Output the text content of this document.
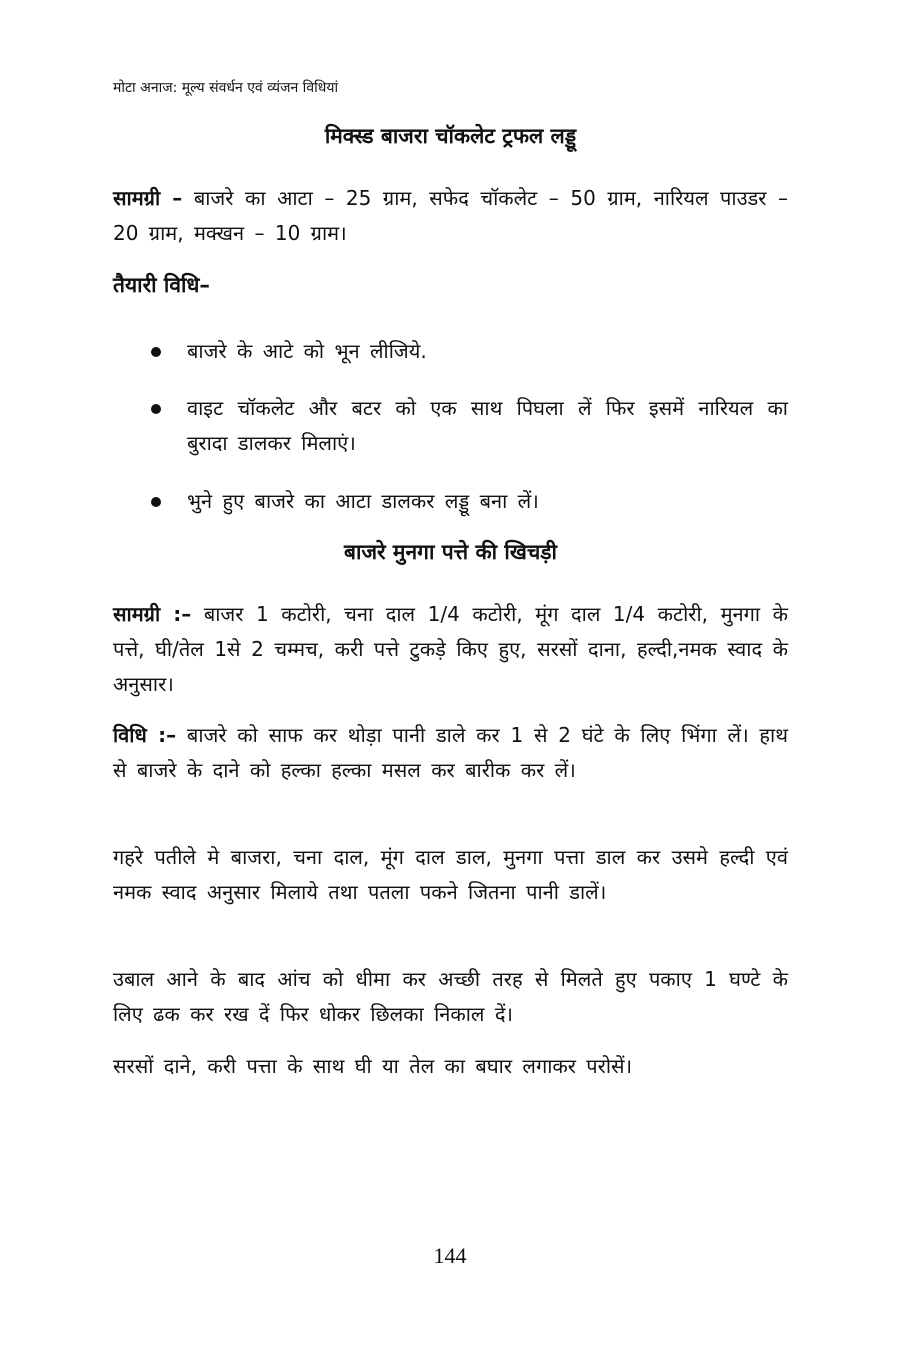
मोटा अनाज: मूल्य संवर्धन एवं व्यंजन विधियां
मिक्स्ड बाजरा चॉकलेट ट्रफल लड्डू
सामग्री – बाजरे का आटा – 25 ग्राम, सफेद चॉकलेट – 50 ग्राम, नारियल पाउडर – 20 ग्राम, मक्खन – 10 ग्राम।
तैयारी विधि–
बाजरे के आटे को भून लीजिये.
वाइट चॉकलेट और बटर को एक साथ पिघला लें फिर इसमें नारियल का बुरादा डालकर मिलाएं।
भुने हुए बाजरे का आटा डालकर लड्डू बना लें।
बाजरे मुनगा पत्ते की खिचड़ी
सामग्री :– बाजर 1 कटोरी, चना दाल 1/4 कटोरी, मूंग दाल 1/4 कटोरी, मुनगा के पत्ते, घी/तेल 1से 2 चम्मच, करी पत्ते टुकड़े किए हुए, सरसों दाना, हल्दी,नमक स्वाद के अनुसार।
विधि :– बाजरे को साफ कर थोड़ा पानी डाले कर 1 से 2 घंटे के लिए भिंगा लें। हाथ से बाजरे के दाने को हल्का हल्का मसल कर बारीक कर लें।
गहरे पतीले मे बाजरा, चना दाल, मूंग दाल डाल, मुनगा पत्ता डाल कर उसमे हल्दी एवं नमक स्वाद अनुसार मिलाये तथा पतला पकने जितना पानी डालें।
उबाल आने के बाद आंच को धीमा कर अच्छी तरह से मिलते हुए पकाए 1 घण्टे के लिए ढक कर रख दें फिर धोकर छिलका निकाल दें।
सरसों दाने, करी पत्ता के साथ घी या तेल का बघार लगाकर परोसें।
144
